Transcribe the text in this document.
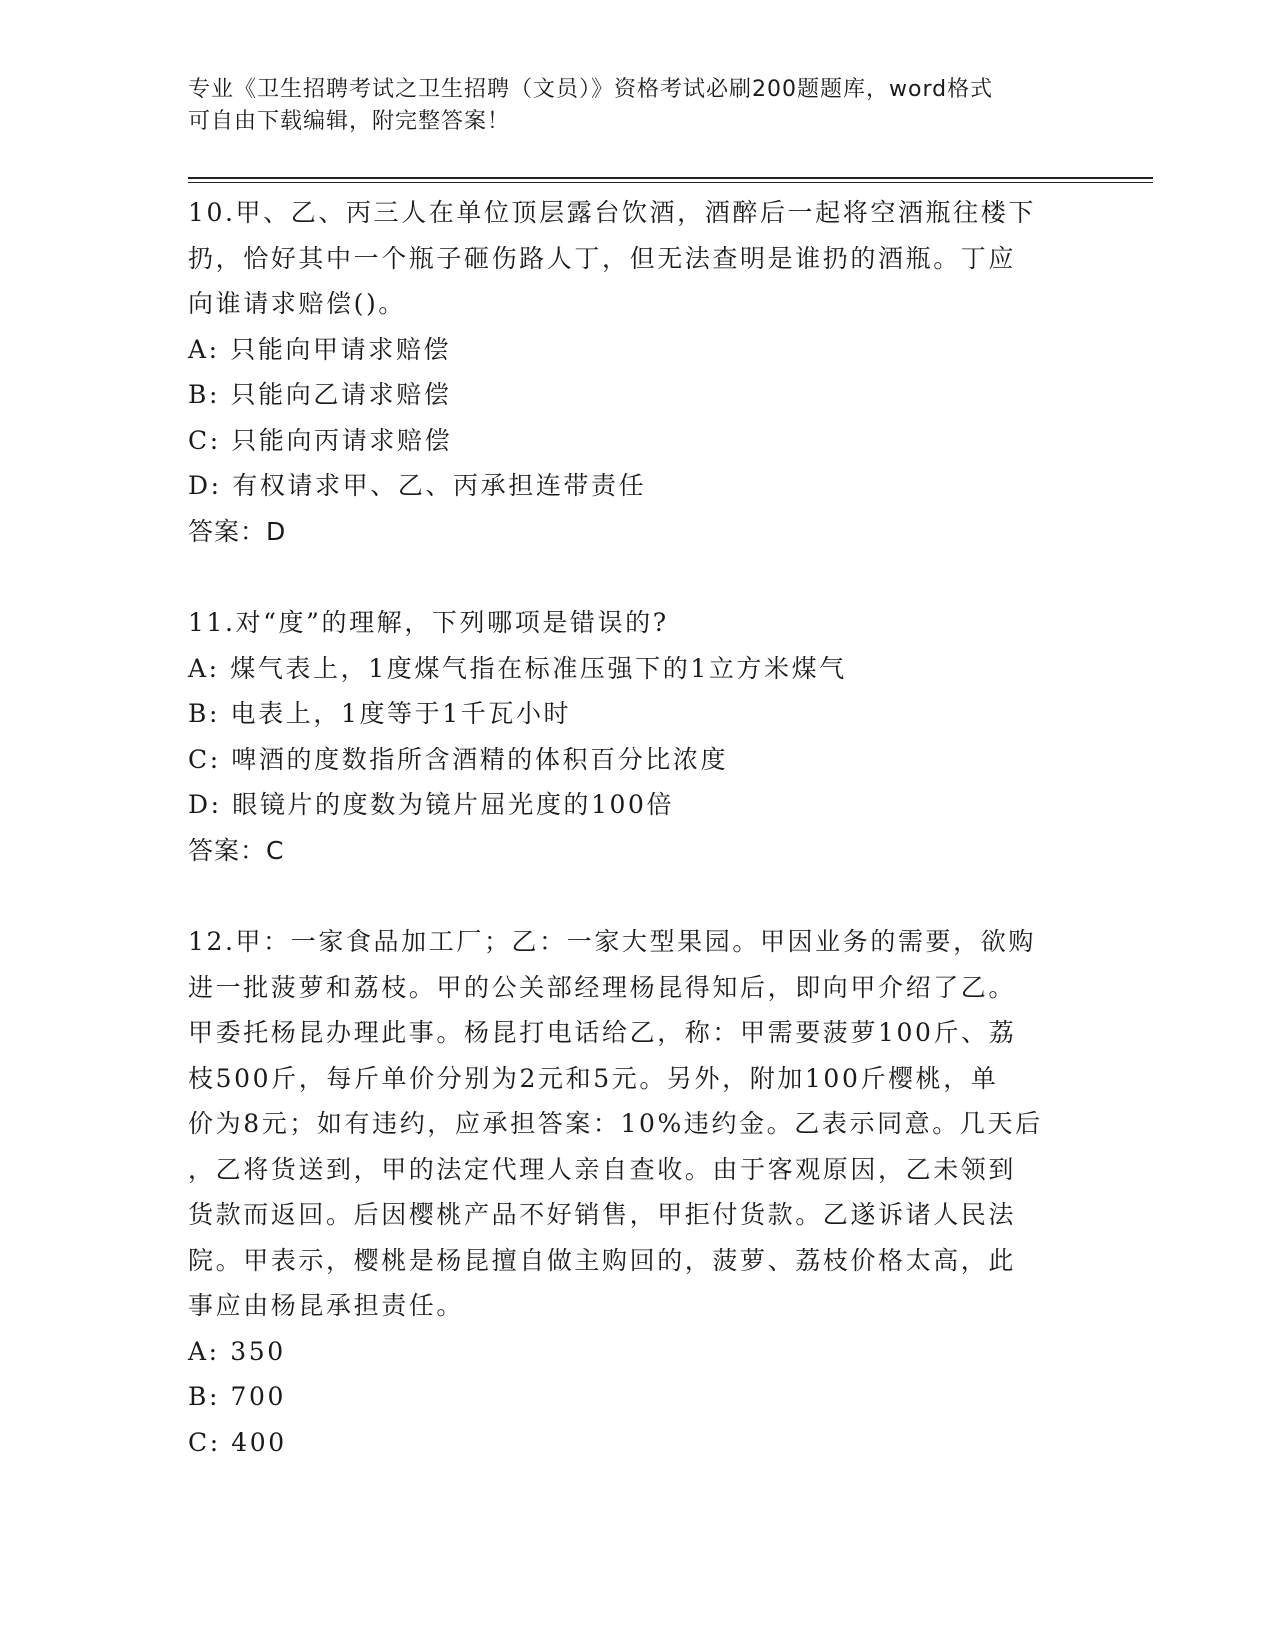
专业《卫生招聘考试之卫生招聘（文员）》资格考试必刷200题题库，word格式
可自由下载编辑，附完整答案！
10.甲、乙、丙三人在单位顶层露台饮酒，酒醉后一起将空酒瓶往楼下
扔，恰好其中一个瓶子砸伤路人丁，但无法查明是谁扔的酒瓶。丁应
向谁请求赔偿()。
A: 只能向甲请求赔偿
B: 只能向乙请求赔偿
C: 只能向丙请求赔偿
D: 有权请求甲、乙、丙承担连带责任
答案：D
11.对“度”的理解，下列哪项是错误的?
A: 煤气表上，1度煤气指在标准压强下的1立方米煤气
B: 电表上，1度等于1千瓦小时
C: 啤酒的度数指所含酒精的体积百分比浓度
D: 眼镜片的度数为镜片屈光度的100倍
答案：C
12.甲：一家食品加工厂；乙：一家大型果园。甲因业务的需要，欲购
进一批菠萝和荔枝。甲的公关部经理杨昆得知后，即向甲介绍了乙。
甲委托杨昆办理此事。杨昆打电话给乙，称：甲需要菠萝100斤、荔
枝500斤，每斤单价分别为2元和5元。另外，附加100斤樱桃，单
价为8元；如有违约，应承担答案：10%违约金。乙表示同意。几天后
，乙将货送到，甲的法定代理人亲自查收。由于客观原因，乙未领到
货款而返回。后因樱桃产品不好销售，甲拒付货款。乙遂诉诸人民法
院。甲表示，樱桃是杨昆擅自做主购回的，菠萝、荔枝价格太高，此
事应由杨昆承担责任。
A: 350
B: 700
C: 400
